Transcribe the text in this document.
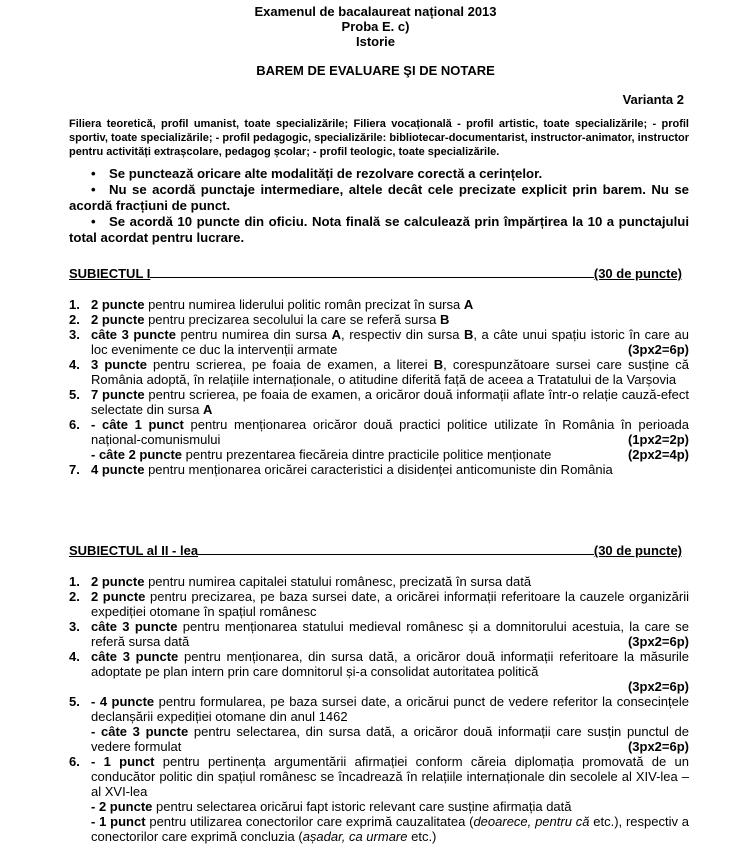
Examenul de bacalaureat național 2013
Proba E. c)
Istorie
BAREM DE EVALUARE ŞI DE NOTARE
Varianta 2
Filiera teoretică, profil umanist, toate specializările; Filiera vocațională - profil artistic, toate specializările; - profil sportiv, toate specializările; - profil pedagogic, specializările: bibliotecar-documentarist, instructor-animator, instructor pentru activități extrașcolare, pedagog școlar; - profil teologic, toate specializările.
• Se punctează oricare alte modalități de rezolvare corectă a cerințelor.
• Nu se acordă punctaje intermediare, altele decât cele precizate explicit prin barem. Nu se acordă fracțiuni de punct.
• Se acordă 10 puncte din oficiu. Nota finală se calculează prin împărțirea la 10 a punctajului total acordat pentru lucrare.
SUBIECTUL I	(30 de puncte)
1. 2 puncte pentru numirea liderului politic român precizat în sursa A
2. 2 puncte pentru precizarea secolului la care se referă sursa B
3. câte 3 puncte pentru numirea din sursa A, respectiv din sursa B, a câte unui spațiu istoric în care au loc evenimente ce duc la intervenții armate	(3px2=6p)
4. 3 puncte pentru scrierea, pe foaia de examen, a literei B, corespunzătoare sursei care susține că România adoptă, în relațiile internaționale, o atitudine diferită față de aceea a Tratatului de la Varșovia
5. 7 puncte pentru scrierea, pe foaia de examen, a oricăror două informații aflate într-o relație cauză-efect selectate din sursa A
6. - câte 1 punct pentru menționarea oricăror două practici politice utilizate în România în perioada național-comunismului	(1px2=2p)

- câte 2 puncte pentru prezentarea fiecăreia dintre practicile politice menționate	(2px2=4p)
7. 4 puncte pentru menționarea oricărei caracteristici a disidenței anticomuniste din România
SUBIECTUL al II - lea	(30 de puncte)
1. 2 puncte pentru numirea capitalei statului românesc, precizată în sursa dată
2. 2 puncte pentru precizarea, pe baza sursei date, a oricărei informații referitoare la cauzele organizării expediției otomane în spațiul românesc
3. câte 3 puncte pentru menționarea statului medieval românesc și a domnitorului acestuia, la care se referă sursa dată	(3px2=6p)
4. câte 3 puncte pentru menționarea, din sursa dată, a oricăror două informații referitoare la măsurile adoptate pe plan intern prin care domnitorul și-a consolidat autoritatea politică
(3px2=6p)
5. - 4 puncte pentru formularea, pe baza sursei date, a oricărui punct de vedere referitor la consecințele declanșării expediției otomane din anul 1462
- câte 3 puncte pentru selectarea, din sursa dată, a oricăror două informații care susțin punctul de vedere formulat	(3px2=6p)
6. - 1 punct pentru pertinența argumentării afirmației conform căreia diplomația promovată de un conducător politic din spațiul românesc se încadrează în relațiile internaționale din secolele al XIV-lea – al XVI-lea
- 2 puncte pentru selectarea oricărui fapt istoric relevant care susține afirmația dată
- 1 punct pentru utilizarea conectorilor care exprimă cauzalitatea (deoarece, pentru că etc.), respectiv a conectorilor care exprimă concluzia (așadar, ca urmare etc.)
